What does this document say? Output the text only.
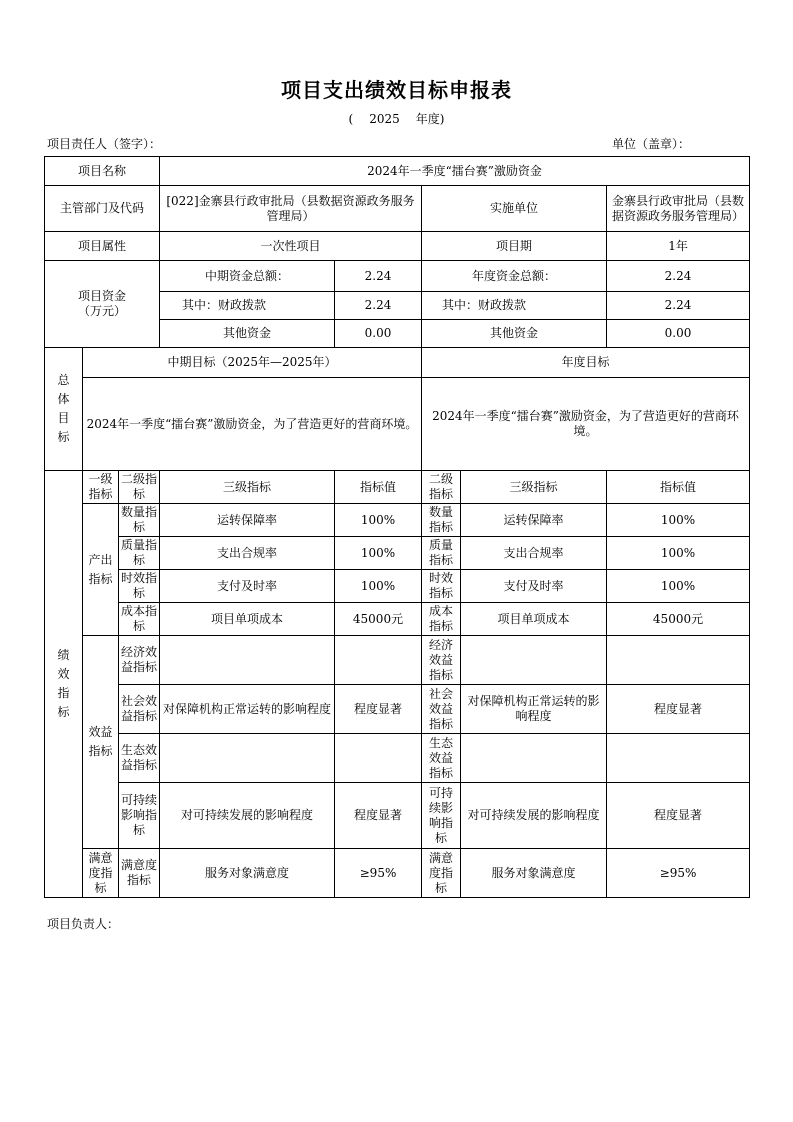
项目支出绩效目标申报表
( 2025 年度)
项目责任人（签字）：	单位（盖章）：
项目名称			2024年一季度“擂台赛”激励资金				
主管部门及代码			[022]金寨县行政审批局（县数据资源政务服务管理局）		实施单位		金寨县行政审批局（县数据资源政务服务管理局）
项目属性			一次性项目		项目期		1年
项目资金（万元）			中期资金总额：	2.24	年度资金总额：		2.24
			其中：财政拨款	2.24	其中：财政拨款		2.24
			其他资金	0.00	其他资金		0.00
总体目标	中期目标（2025年—2025年）				年度目标		
	2024年一季度“擂台赛”激励资金，为了营造更好的营商环境。				2024年一季度“擂台赛”激励资金，为了营造更好的营商环境。		
绩效指标	一级指标	二级指标	三级指标	指标值	二级指标	三级指标	指标值
	产出指标	数量指标	运转保障率	100%	数量指标	运转保障率	100%
		质量指标	支出合规率	100%	质量指标	支出合规率	100%
		时效指标	支付及时率	100%	时效指标	支付及时率	100%
		成本指标	项目单项成本	45000元	成本指标	项目单项成本	45000元
	效益指标	经济效益指标			经济效益指标		
		社会效益指标	对保障机构正常运转的影响程度	程度显著	社会效益指标	对保障机构正常运转的影响程度	程度显著
		生态效益指标			生态效益指标		
		可持续影响指标	对可持续发展的影响程度	程度显著	可持续影响指标	对可持续发展的影响程度	程度显著
	满意度指标	满意度指标	服务对象满意度	≥95%	满意度指标	服务对象满意度	≥95%
项目负责人：
